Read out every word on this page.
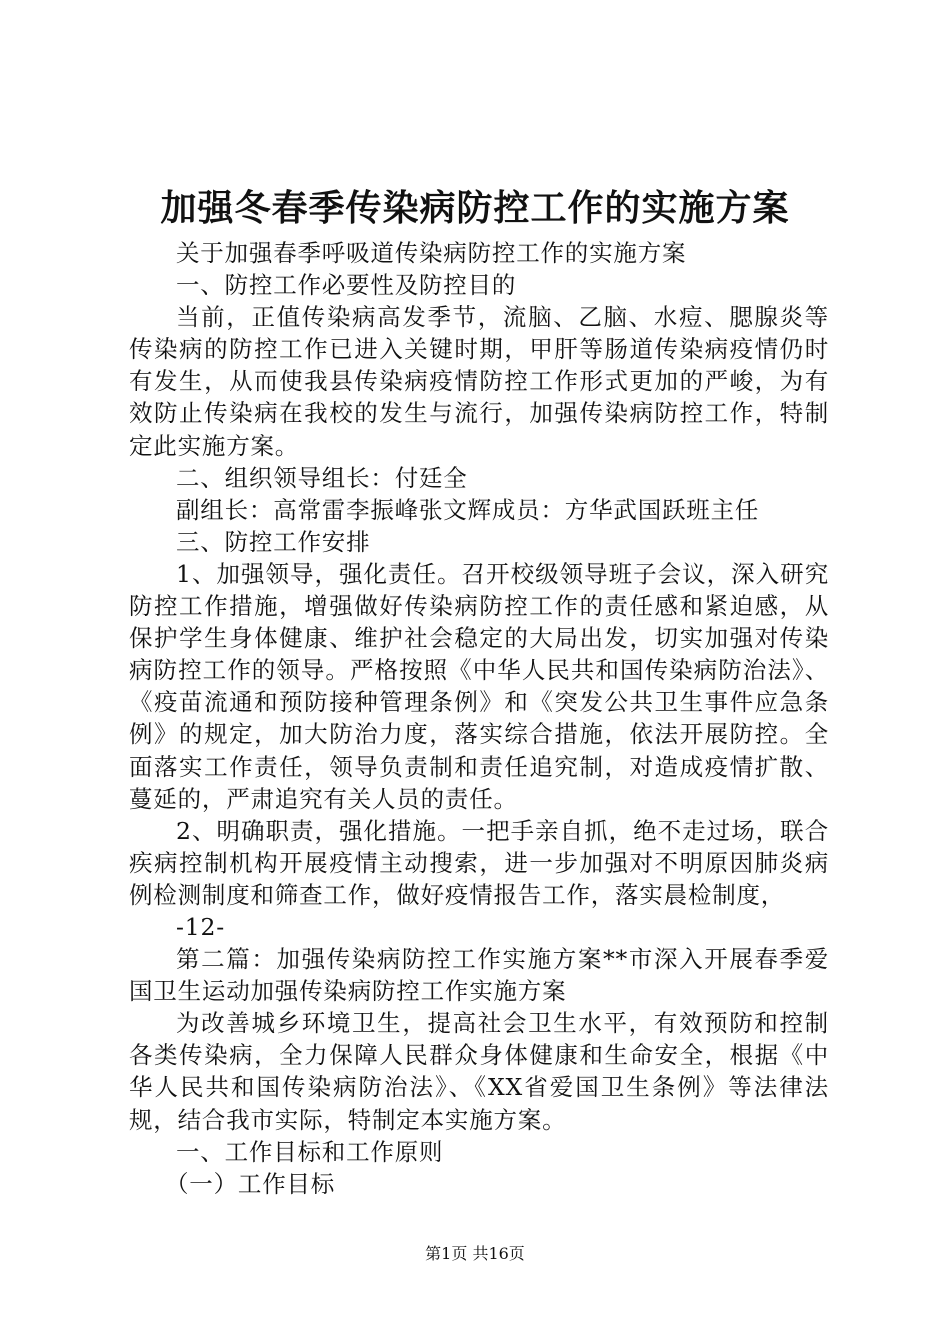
加强冬春季传染病防控工作的实施方案

关于加强春季呼吸道传染病防控工作的实施方案

一、防控工作必要性及防控目的

当前，正值传染病高发季节，流脑、乙脑、水痘、腮腺炎等传染病的防控工作已进入关键时期，甲肝等肠道传染病疫情仍时有发生，从而使我县传染病疫情防控工作形式更加的严峻，为有效防止传染病在我校的发生与流行，加强传染病防控工作，特制定此实施方案。

二、组织领导组长：付廷全

副组长：高常雷李振峰张文辉成员：方华武国跃班主任

三、防控工作安排

1、加强领导，强化责任。召开校级领导班子会议，深入研究防控工作措施，增强做好传染病防控工作的责任感和紧迫感，从保护学生身体健康、维护社会稳定的大局出发，切实加强对传染病防控工作的领导。严格按照《中华人民共和国传染病防治法》、《疫苗流通和预防接种管理条例》和《突发公共卫生事件应急条例》的规定，加大防治力度，落实综合措施，依法开展防控。全面落实工作责任，领导负责制和责任追究制，对造成疫情扩散、蔓延的，严肃追究有关人员的责任。

2、明确职责，强化措施。一把手亲自抓，绝不走过场，联合疾病控制机构开展疫情主动搜索，进一步加强对不明原因肺炎病例检测制度和筛查工作，做好疫情报告工作，落实晨检制度，

-12-

第二篇：加强传染病防控工作实施方案**市深入开展春季爱国卫生运动加强传染病防控工作实施方案

为改善城乡环境卫生，提高社会卫生水平，有效预防和控制各类传染病，全力保障人民群众身体健康和生命安全，根据《中华人民共和国传染病防治法》、《XX省爱国卫生条例》等法律法规，结合我市实际，特制定本实施方案。

一、工作目标和工作原则

（一）工作目标

第1页 共16页
